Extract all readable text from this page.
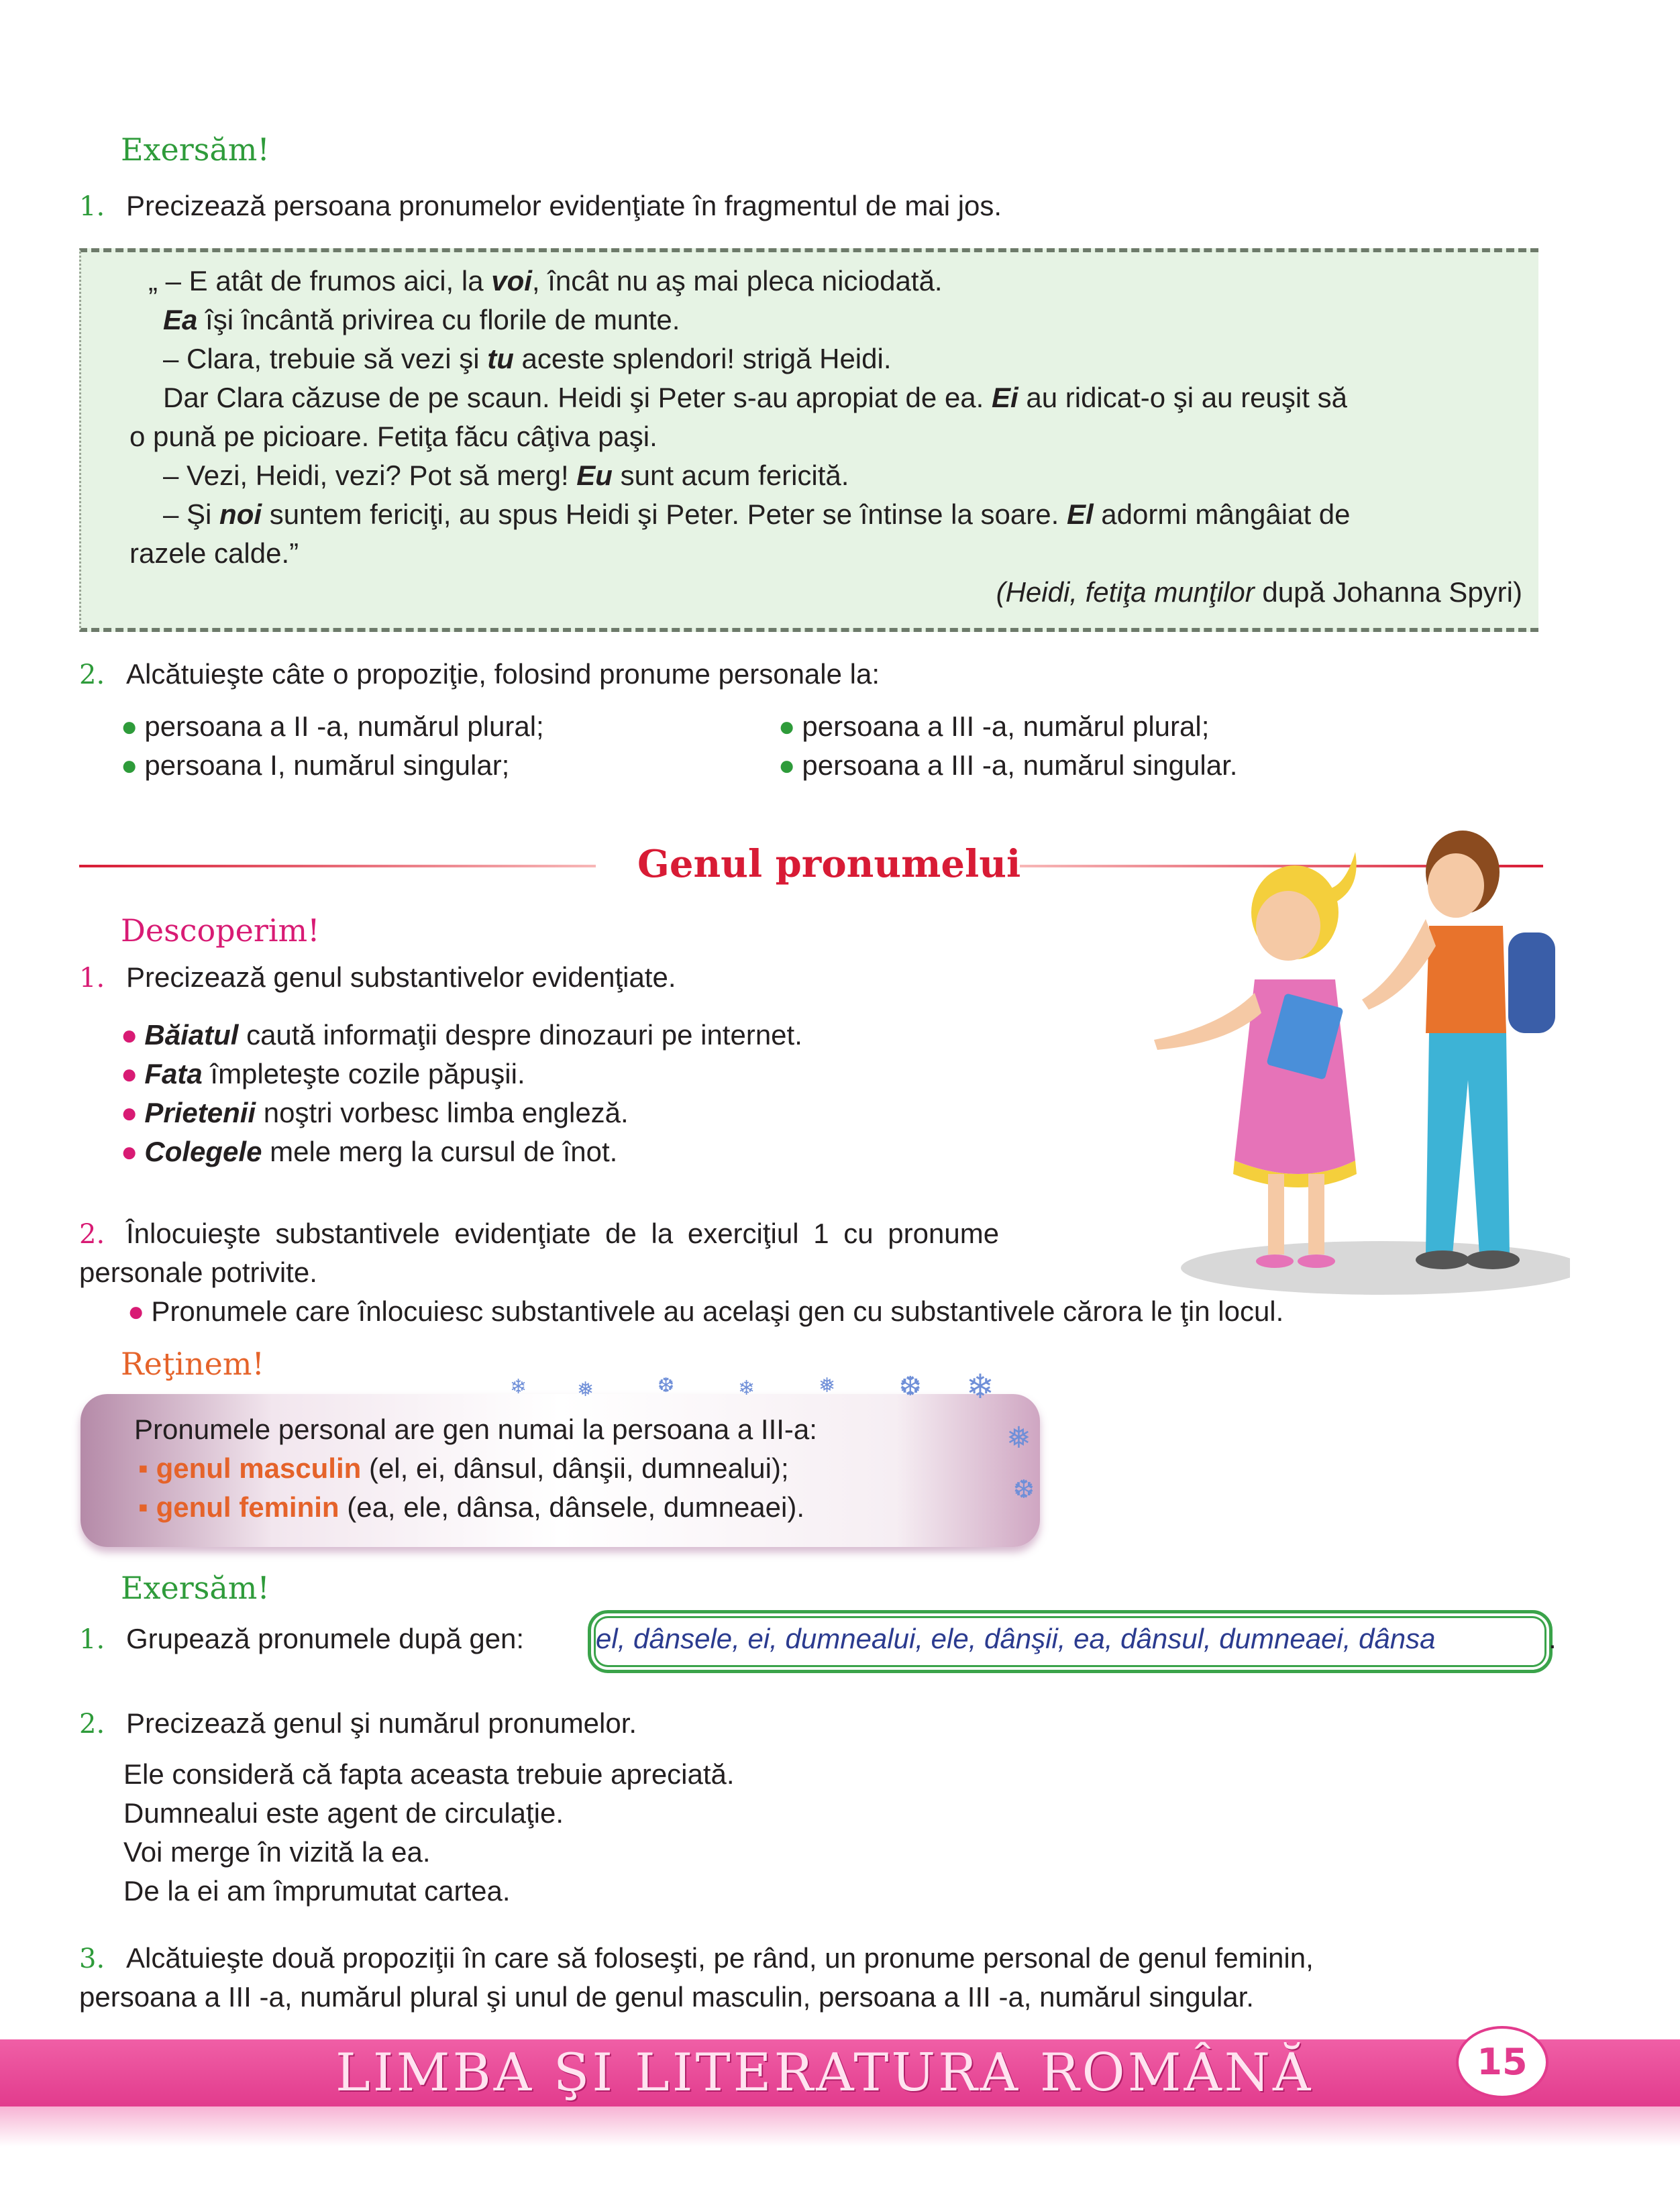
Exersăm!
1. Precizează persoana pronumelor evidenţiate în fragmentul de mai jos.
„ – E atât de frumos aici, la voi, încât nu aş mai pleca niciodată.
Ea îşi încântă privirea cu florile de munte.
– Clara, trebuie să vezi şi tu aceste splendori! strigă Heidi.
Dar Clara căzuse de pe scaun. Heidi şi Peter s-au apropiat de ea. Ei au ridicat-o şi au reuşit să
o pună pe picioare. Fetiţa făcu câţiva paşi.
– Vezi, Heidi, vezi? Pot să merg! Eu sunt acum fericită.
– Şi noi suntem fericiţi, au spus Heidi şi Peter. Peter se întinse la soare. El adormi mângâiat de
razele calde.”
(Heidi, fetiţa munţilor după Johanna Spyri)
2. Alcătuieşte câte o propoziţie, folosind pronume personale la:
● persoana a II -a, numărul plural;
● persoana I, numărul singular;
● persoana a III -a, numărul plural;
● persoana a III -a, numărul singular.
Genul pronumelui
Descoperim!
1. Precizează genul substantivelor evidenţiate.
● Băiatul caută informaţii despre dinozauri pe internet.
● Fata împleteşte cozile păpuşii.
● Prietenii noştri vorbesc limba engleză.
● Colegele mele merg la cursul de înot.
2. Înlocuieşte substantivele evidenţiate de la exerciţiul 1 cu pronume
personale potrivite.
● Pronumele care înlocuiesc substantivele au acelaşi gen cu substantivele cărora le ţin locul.
Reţinem!
❄ ❅	❆	❄	❅ ❆ ❄
❅
❆
Pronumele personal are gen numai la persoana a III-a:
▪ genul masculin (el, ei, dânsul, dânşii, dumnealui);
▪ genul feminin (ea, ele, dânsa, dânsele, dumneaei).
Exersăm!
1. Grupează pronumele după gen:	el, dânsele, ei, dumnealui, ele, dânşii, ea, dânsul, dumneaei, dânsa	.
2. Precizează genul şi numărul pronumelor.
Ele consideră că fapta aceasta trebuie apreciată.
Dumnealui este agent de circulaţie.
Voi merge în vizită la ea.
De la ei am împrumutat cartea.
3. Alcătuieşte două propoziţii în care să foloseşti, pe rând, un pronume personal de genul feminin,
persoana a III -a, numărul plural şi unul de genul masculin, persoana a III -a, numărul singular.
LIMBA ŞI LITERATURA ROMÂNĂ	15
